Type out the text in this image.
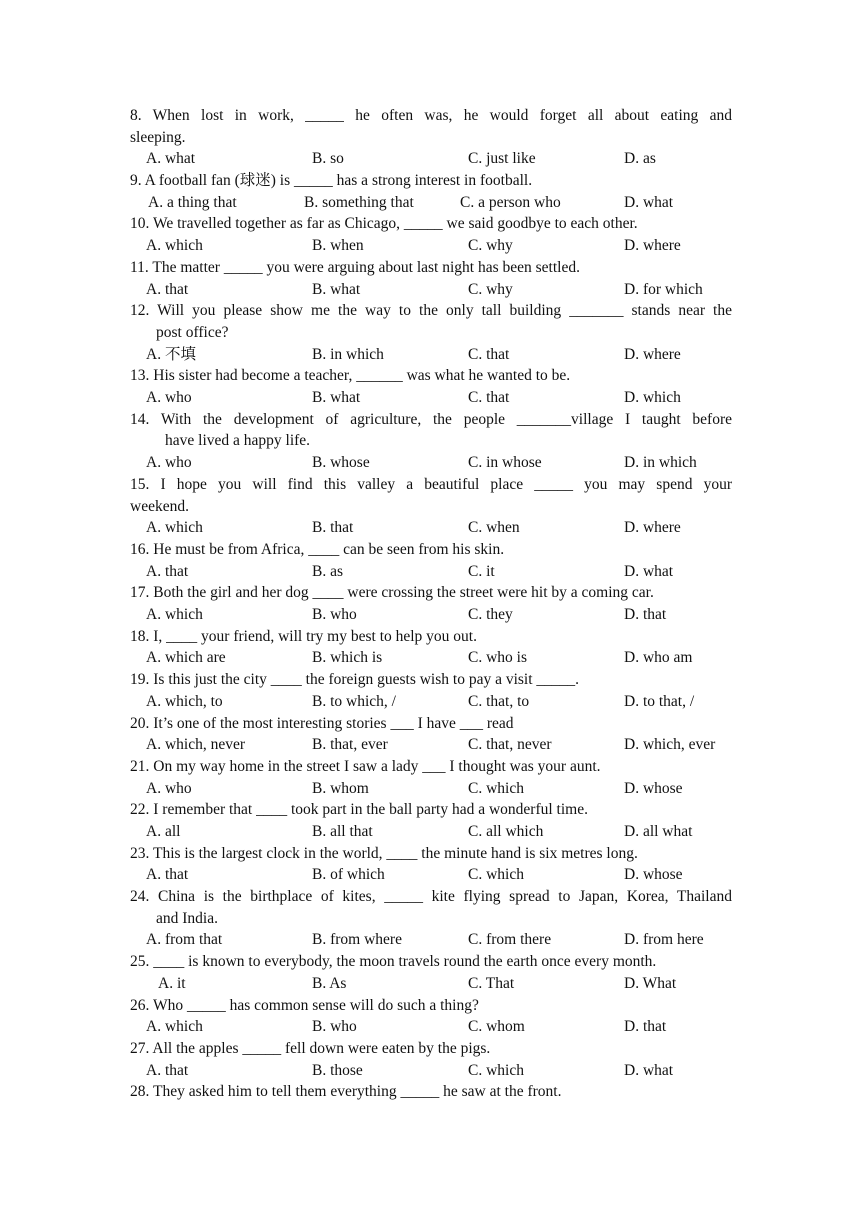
8. When lost in work, _____ he often was, he would forget all about eating and
sleeping.
A. what	B. so	C. just like	D. as
9. A football fan (球迷) is _____ has a strong interest in football.
A. a thing that	B. something that	C. a person who	D. what
10. We travelled together as far as Chicago, _____ we said goodbye to each other.
A. which	B. when	C. why	D. where
11. The matter _____ you were arguing about last night has been settled.
A. that	B. what	C. why	D. for which
12. Will you please show me the way to the only tall building _______ stands near the
post office?
A. 不填	B. in which	C. that	D. where
13. His sister had become a teacher, ______ was what he wanted to be.
A. who	B. what	C. that	D. which
14. With the development of agriculture, the people _______village I taught before
have lived a happy life.
A. who	B. whose	C. in whose	D. in which
15. I hope you will find this valley a beautiful place _____ you may spend your
weekend.
A. which	B. that	C. when	D. where
16. He must be from Africa, ____ can be seen from his skin.
A. that	B. as	C. it	D. what
17. Both the girl and her dog ____ were crossing the street were hit by a coming car.
A. which	B. who	C. they	D. that
18. I, ____ your friend, will try my best to help you out.
A. which are	B. which is	C. who is	D. who am
19. Is this just the city ____ the foreign guests wish to pay a visit _____.
A. which, to	B. to which, /	C. that, to	D. to that, /
20. It’s one of the most interesting stories ___ I have ___ read
A. which, never	B. that, ever	C. that, never	D. which, ever
21. On my way home in the street I saw a lady ___ I thought was your aunt.
A. who	B. whom	C. which	D. whose
22. I remember that ____ took part in the ball party had a wonderful time.
A. all	B. all that	C. all which	D. all what
23. This is the largest clock in the world, ____ the minute hand is six metres long.
A. that	B. of which	C. which	D. whose
24. China is the birthplace of kites, _____ kite flying spread to Japan, Korea, Thailand
and India.
A. from that	B. from where	C. from there	D. from here
25. ____ is known to everybody, the moon travels round the earth once every month.
A. it	B. As	C. That	D. What
26. Who _____ has common sense will do such a thing?
A. which	B. who	C. whom	D. that
27. All the apples _____ fell down were eaten by the pigs.
A. that	B. those	C. which	D. what
28. They asked him to tell them everything _____ he saw at the front.
